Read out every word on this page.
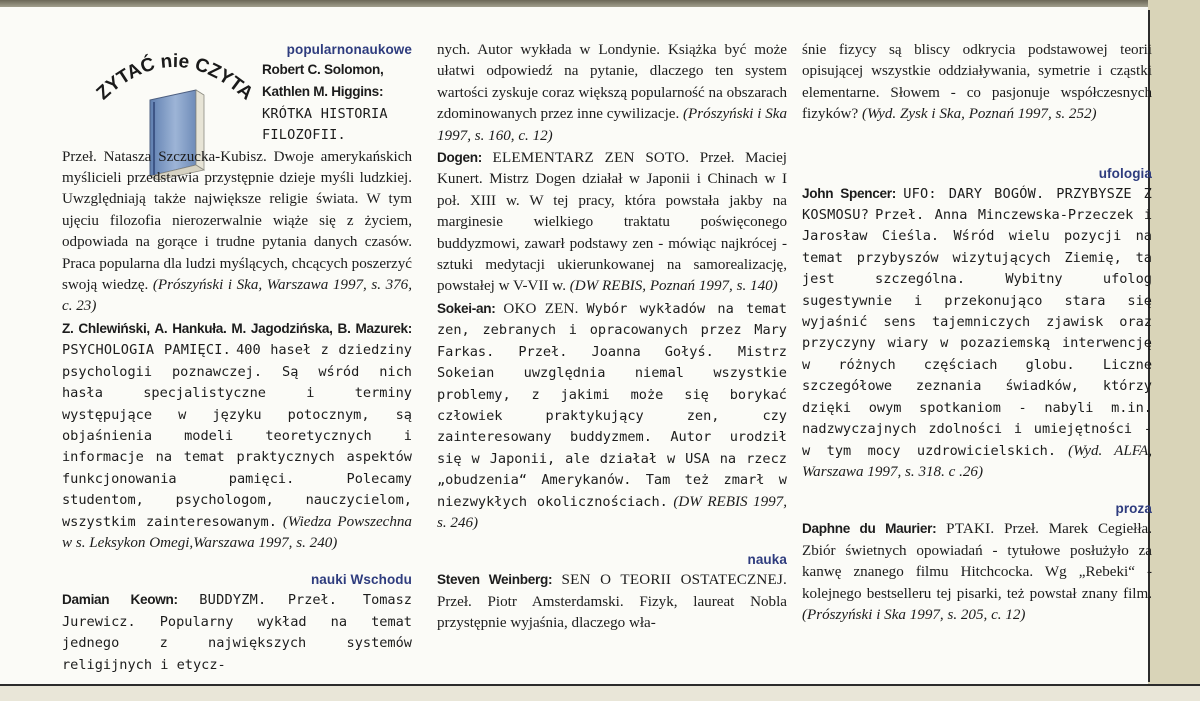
ZYTAĆ nie CZYTA
popularnonaukowe

Robert C. Solomon, Kathlen M. Higgins: KRÓTKA HISTORIA FILOZOFII.
Przeł. Natasza Szczucka-Kubisz. Dwoje amerykańskich myślicieli przedstawia przystępnie dzieje myśli ludzkiej. Uwzględniają także największe religie świata. W tym ujęciu filozofia nierozerwalnie wiąże się z życiem, odpowiada na gorące i trudne pytania danych czasów. Praca popularna dla ludzi myślących, chcących poszerzyć swoją wiedzę. (Prószyński i Ska, Warszawa 1997, s. 376, c. 23)

Z. Chlewiński, A. Hankuła. M. Jagodzińska, B. Mazurek: PSYCHOLOGIA PAMIĘCI. 400 haseł z dziedziny psychologii poznawczej. Są wśród nich hasła specjalistyczne i terminy występujące w języku potocznym, są objaśnienia modeli teoretycznych i informacje na temat praktycznych aspektów funkcjonowania pamięci. Polecamy studentom, psychologom, nauczycielom, wszystkim zainteresowanym. (Wiedza Powszechna w s. Leksykon Omegi,Warszawa 1997, s. 240)

nauki Wschodu

Damian Keown: BUDDYZM. Przeł. Tomasz Jurewicz. Popularny wykład na temat jednego z największych systemów religijnych i etycz-

nych. Autor wykłada w Londynie. Książka być może ułatwi odpowiedź na pytanie, dlaczego ten system wartości zyskuje coraz większą popularność na obszarach zdominowanych przez inne cywilizacje. (Prószyński i Ska 1997, s. 160, c. 12)

Dogen: ELEMENTARZ ZEN SOTO. Przeł. Maciej Kunert. Mistrz Dogen działał w Japonii i Chinach w I poł. XIII w. W tej pracy, która powstała jakby na marginesie wielkiego traktatu poświęconego buddyzmowi, zawarł podstawy zen - mówiąc najkrócej - sztuki medytacji ukierunkowanej na samorealizację, powstałej w V-VII w. (DW REBIS, Poznań 1997, s. 140)

Sokei-an: OKO ZEN. Wybór wykładów na temat zen, zebranych i opracowanych przez Mary Farkas. Przeł. Joanna Gołyś. Mistrz Sokeian uwzględnia niemal wszystkie problemy, z jakimi może się borykać człowiek praktykujący zen, czy zainteresowany buddyzmem. Autor urodził się w Japonii, ale działał w USA na rzecz „obudzenia“ Amerykanów. Tam też zmarł w niezwykłych okolicznościach. (DW REBIS 1997, s. 246)

nauka

Steven Weinberg: SEN O TEORII OSTATECZNEJ. Przeł. Piotr Amsterdamski. Fizyk, laureat Nobla przystępnie wyjaśnia, dlaczego wła-

śnie fizycy są bliscy odkrycia podstawowej teorii opisującej wszystkie oddziaływania, symetrie i cząstki elementarne. Słowem - co pasjonuje współczesnych fizyków? (Wyd. Zysk i Ska, Poznań 1997, s. 252)

ufologia

John Spencer: UFO: DARY BOGÓW. PRZYBYSZE Z KOSMOSU? Przeł. Anna Minczewska-Przeczek i Jarosław Cieśla. Wśród wielu pozycji na temat przybyszów wizytujących Ziemię, ta jest szczególna. Wybitny ufolog sugestywnie i przekonująco stara się wyjaśnić sens tajemniczych zjawisk oraz przyczyny wiary w pozaziemską interwencję w różnych częściach globu. Liczne szczegółowe zeznania świadków, którzy dzięki owym spotkaniom - nabyli m.in. nadzwyczajnych zdolności i umiejętności - w tym mocy uzdrowicielskich. (Wyd. ALFA, Warszawa 1997, s. 318. c .26)

proza

Daphne du Maurier: PTAKI. Przeł. Marek Cegiełła. Zbiór świetnych opowiadań - tytułowe posłużyło za kanwę znanego filmu Hitchcocka. Wg „Rebeki“ - kolejnego bestselleru tej pisarki, też powstał znany film. (Prószyński i Ska 1997, s. 205, c. 12)
